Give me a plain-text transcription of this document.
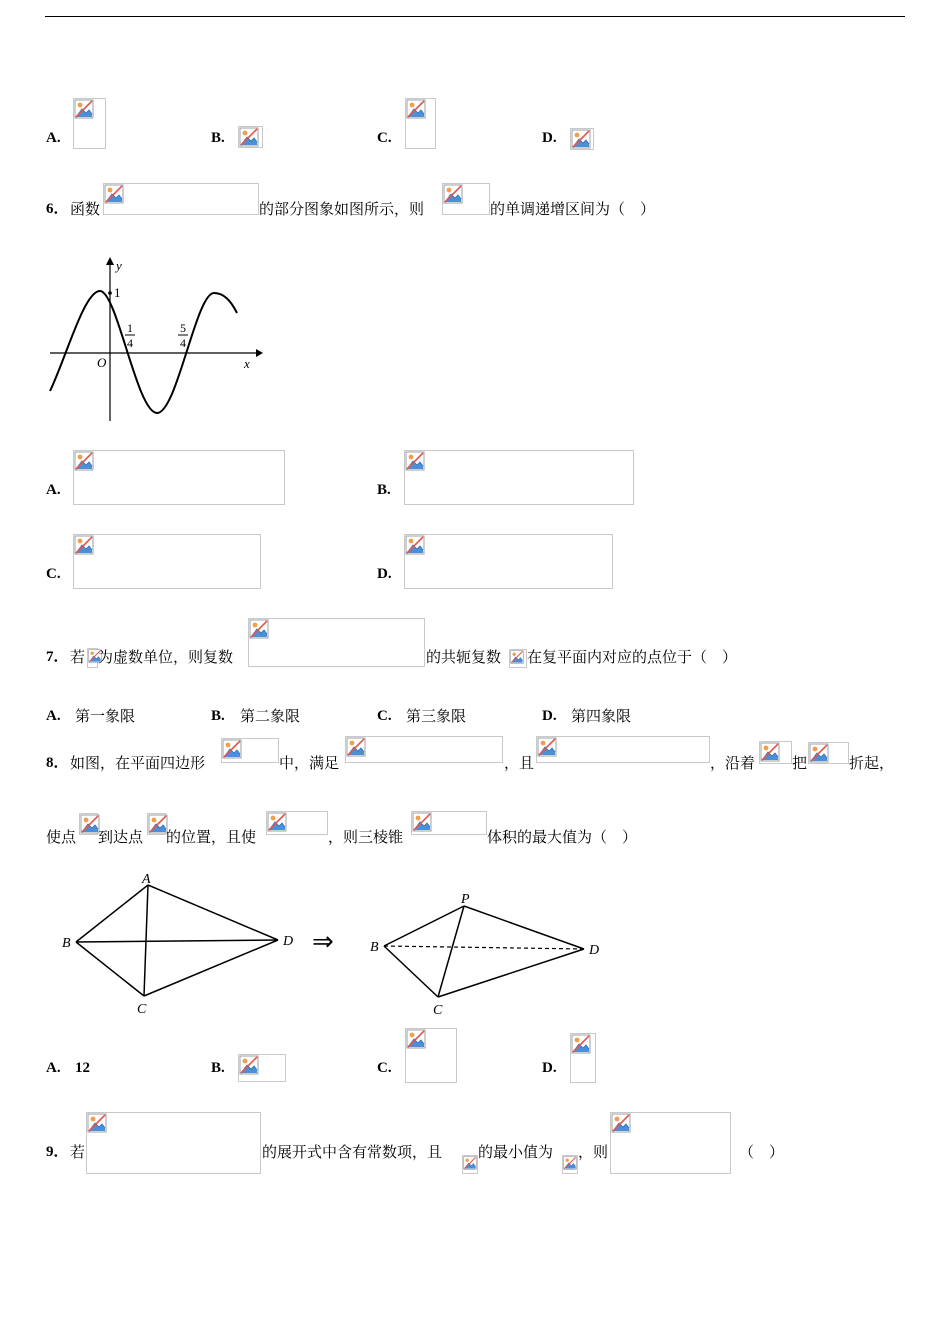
A.	B.	C.	D.
6． 函数	的部分图象如图所示，则	的单调递增区间为（　）
y
x
O
1
1
4
5
4
A.	B.
C.	D.
7． 若 为虚数单位，则复数	的共轭复数 在复平面内对应的点位于（　）
A. 第一象限	B. 第二象限	C. 第三象限	D. 第四象限
8． 如图，在平面四边形	中，满足	，且	，沿着 把	折起，
使点 到达点 的位置，且使	，则三棱锥	体积的最大值为（　）
A
B
C
D ⇒
P
B
C
D
A. 12	B.	C.	D.
9． 若	的展开式中含有常数项，且 的最小值为 ，则	（　）
